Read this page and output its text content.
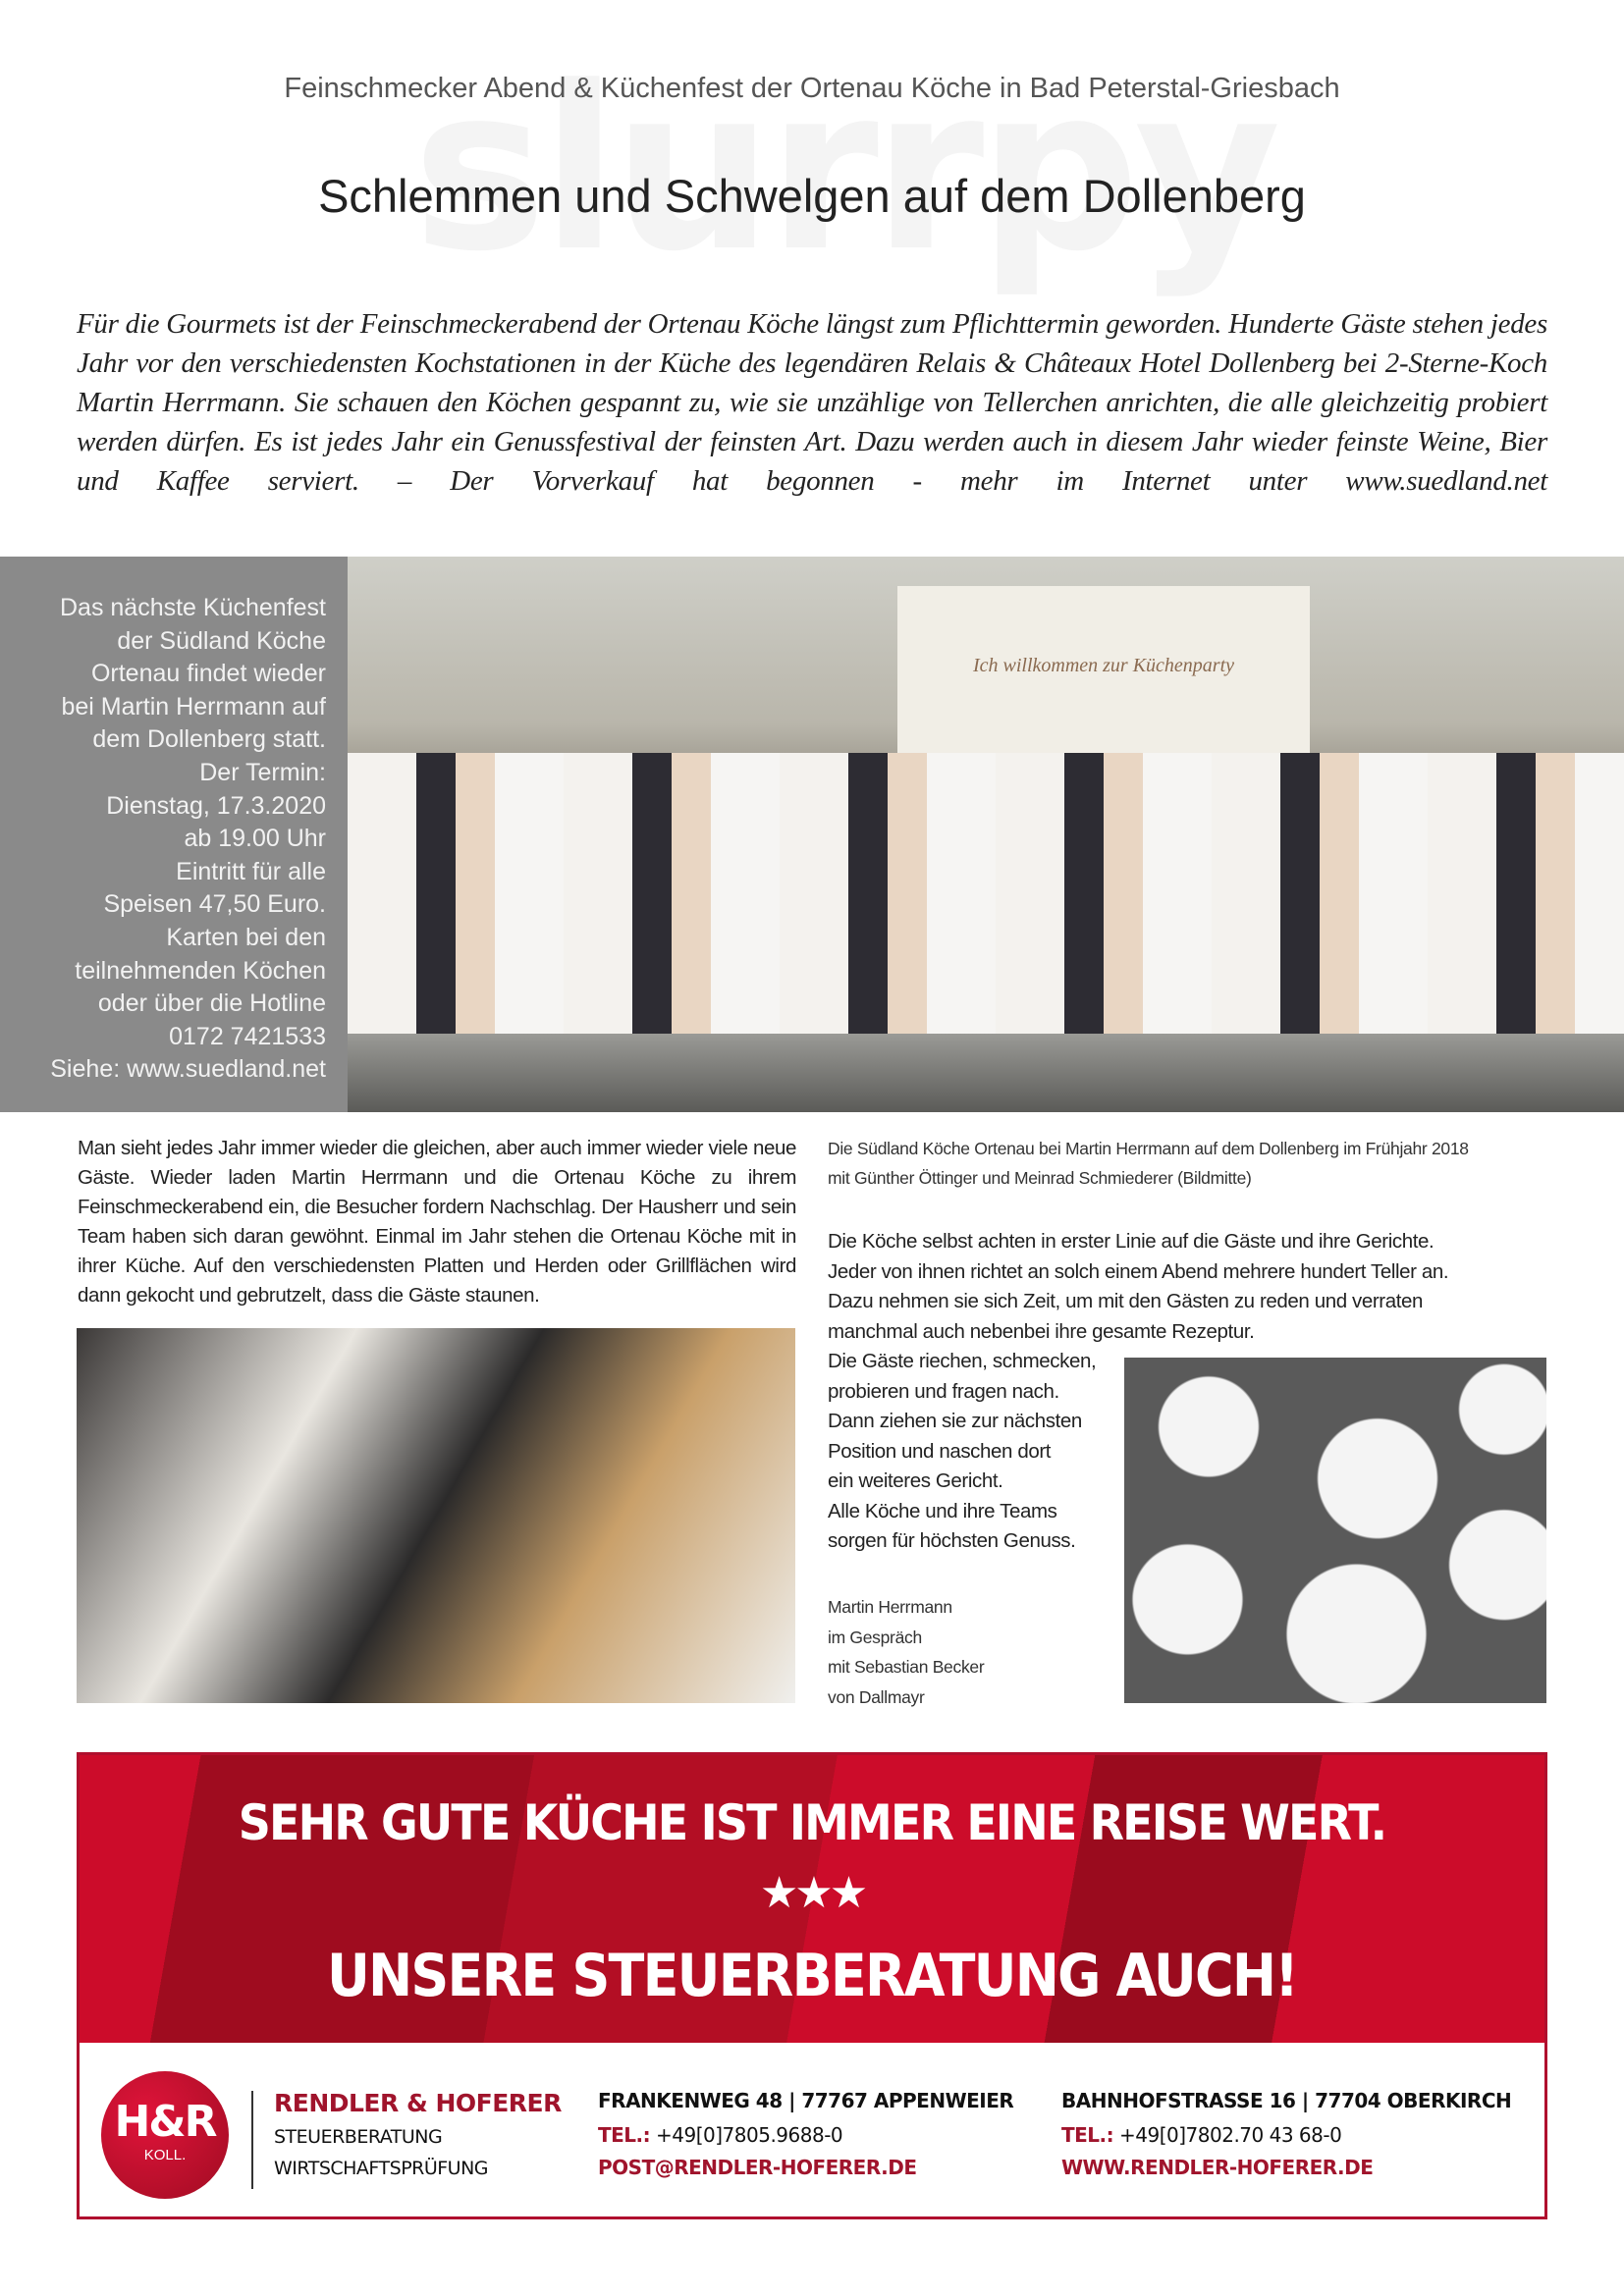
Feinschmecker Abend & Küchenfest der Ortenau Köche in Bad Peterstal-Griesbach
Schlemmen und Schwelgen auf dem Dollenberg

Für die Gourmets ist der Feinschmeckerabend der Ortenau Köche längst zum Pflichttermin geworden. Hunderte Gäste stehen jedes Jahr vor den verschiedensten Kochstationen in der Küche des legendären Relais & Châteaux Hotel Dollenberg bei 2-Sterne-Koch Martin Herrmann. Sie schauen den Köchen gespannt zu, wie sie unzählige von Tellerchen anrichten, die alle gleichzeitig probiert werden dürfen. Es ist jedes Jahr ein Genussfestival der feinsten Art. Dazu werden auch in diesem Jahr wieder feinste Weine, Bier und Kaffee serviert. – Der Vorverkauf hat begonnen - mehr im Internet unter www.suedland.net

Das nächste Küchenfest
der Südland Köche
Ortenau findet wieder
bei Martin Herrmann auf
dem Dollenberg statt.
Der Termin:
Dienstag, 17.3.2020
ab 19.00 Uhr
Eintritt für alle
Speisen 47,50 Euro.
Karten bei den
teilnehmenden Köchen
oder über die Hotline
0172 7421533
Siehe: www.suedland.net
Ich willkommen zur Küchenparty

Man sieht jedes Jahr immer wieder die gleichen, aber auch immer wieder viele neue Gäste. Wieder laden Martin Herrmann und die Ortenau Köche zu ihrem Feinschmeckerabend ein, die Besucher fordern Nachschlag. Der Hausherr und sein Team haben sich daran gewöhnt. Einmal im Jahr stehen die Ortenau Köche mit in ihrer Küche. Auf den verschiedensten Platten und Herden oder Grillflächen wird dann gekocht und gebrutzelt, dass die Gäste staunen.

Die Südland Köche Ortenau bei Martin Herrmann auf dem Dollenberg im Frühjahr 2018
mit Günther Öttinger und Meinrad Schmiederer (Bildmitte)
Die Köche selbst achten in erster Linie auf die Gäste und ihre Gerichte.
Jeder von ihnen richtet an solch einem Abend mehrere hundert Teller an.
Dazu nehmen sie sich Zeit, um mit den Gästen zu reden und verraten
manchmal auch nebenbei ihre gesamte Rezeptur.
Die Gäste riechen, schmecken,
probieren und fragen nach.
Dann ziehen sie zur nächsten
Position und naschen dort
ein weiteres Gericht.
Alle Köche und ihre Teams
sorgen für höchsten Genuss.
Martin Herrmann
im Gespräch
mit Sebastian Becker
von Dallmayr
SEHR GUTE KÜCHE IST IMMER EINE REISE WERT.
★★★
UNSERE STEUERBERATUNG AUCH!
H&R
KOLL.
RENDLER & HOFERER
STEUERBERATUNG
WIRTSCHAFTSPRÜFUNG
FRANKENWEG 48 | 77767 APPENWEIER
TEL.: +49[0]7805.9688-0
POST@RENDLER-HOFERER.DE
BAHNHOFSTRASSE 16 | 77704 OBERKIRCH
TEL.: +49[0]7802.70 43 68-0
WWW.RENDLER-HOFERER.DE
